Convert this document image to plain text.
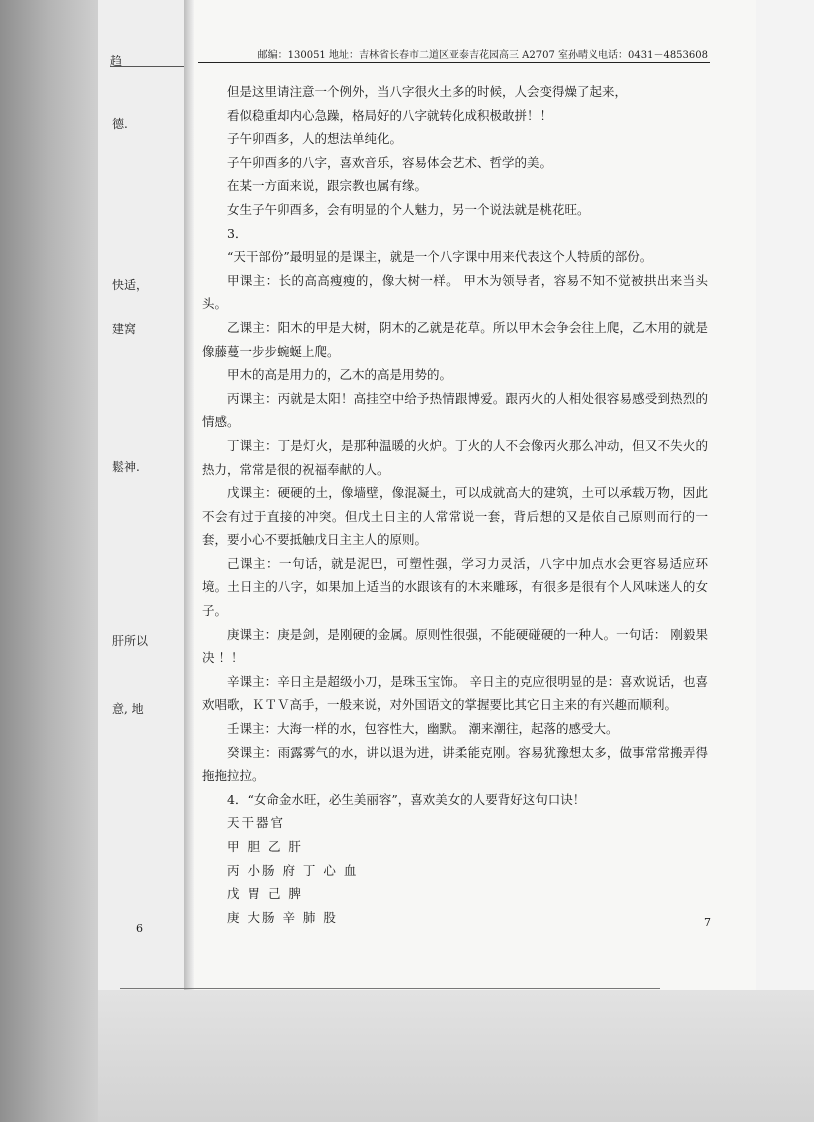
趋
德.
快适，
建窝
鬆神.
肝所以
意, 地
6
邮编：130051 地址：吉林省长春市二道区亚泰吉花园高三 A2707 室孙晴义电话：0431－4853608

但是这里请注意一个例外，当八字很火土多的时候，人会变得燥了起来，

看似稳重却内心急躁，格局好的八字就转化成积极敢拼！！

子午卯酉多，人的想法单纯化。

子午卯酉多的八字，喜欢音乐，容易体会艺术、哲学的美。

在某一方面来说，跟宗教也属有缘。

女生子午卯酉多，会有明显的个人魅力，另一个说法就是桃花旺。

3．

“天干部份”最明显的是课主，就是一个八字课中用来代表这个人特质的部份。

甲课主：长的高高瘦瘦的，像大树一样。 甲木为领导者，容易不知不觉被拱出来当头头。

乙课主：阳木的甲是大树，阴木的乙就是花草。所以甲木会争会往上爬，乙木用的就是像藤蔓一步步蜿蜒上爬。

甲木的高是用力的，乙木的高是用势的。

丙课主：丙就是太阳！高挂空中给予热情跟博爱。跟丙火的人相处很容易感受到热烈的情感。

丁课主：丁是灯火，是那种温暖的火炉。丁火的人不会像丙火那么冲动，但又不失火的热力，常常是很的祝福奉献的人。

戊课主：硬硬的土，像墙壁，像混凝土，可以成就高大的建筑，土可以承载万物，因此不会有过于直接的冲突。但戊土日主的人常常说一套，背后想的又是依自己原则而行的一套，要小心不要抵触戊日主主人的原则。

己课主：一句话，就是泥巴，可塑性强，学习力灵活，八字中加点水会更容易适应环境。土日主的八字，如果加上适当的水跟该有的木来雕琢，有很多是很有个人风味迷人的女子。

庚课主：庚是剑，是刚硬的金属。原则性很强，不能硬碰硬的一种人。一句话： 刚毅果决 ！！

辛课主：辛日主是超级小刀，是珠玉宝饰。 辛日主的克应很明显的是：喜欢说话，也喜欢唱歌，ＫＴＶ高手，一般来说，对外国语文的掌握要比其它日主来的有兴趣而顺利。

壬课主：大海一样的水，包容性大，幽默。 潮来潮往，起落的感受大。

癸课主：雨露雾气的水，讲以退为进，讲柔能克刚。容易犹豫想太多，做事常常搬弄得拖拖拉拉。

4．“女命金水旺，必生美丽容”，喜欢美女的人要背好这句口诀！

天干器官

甲 胆 乙 肝

丙 小肠 府 丁 心 血

戊 胃 己 脾

庚 大肠 辛 肺 股	7
